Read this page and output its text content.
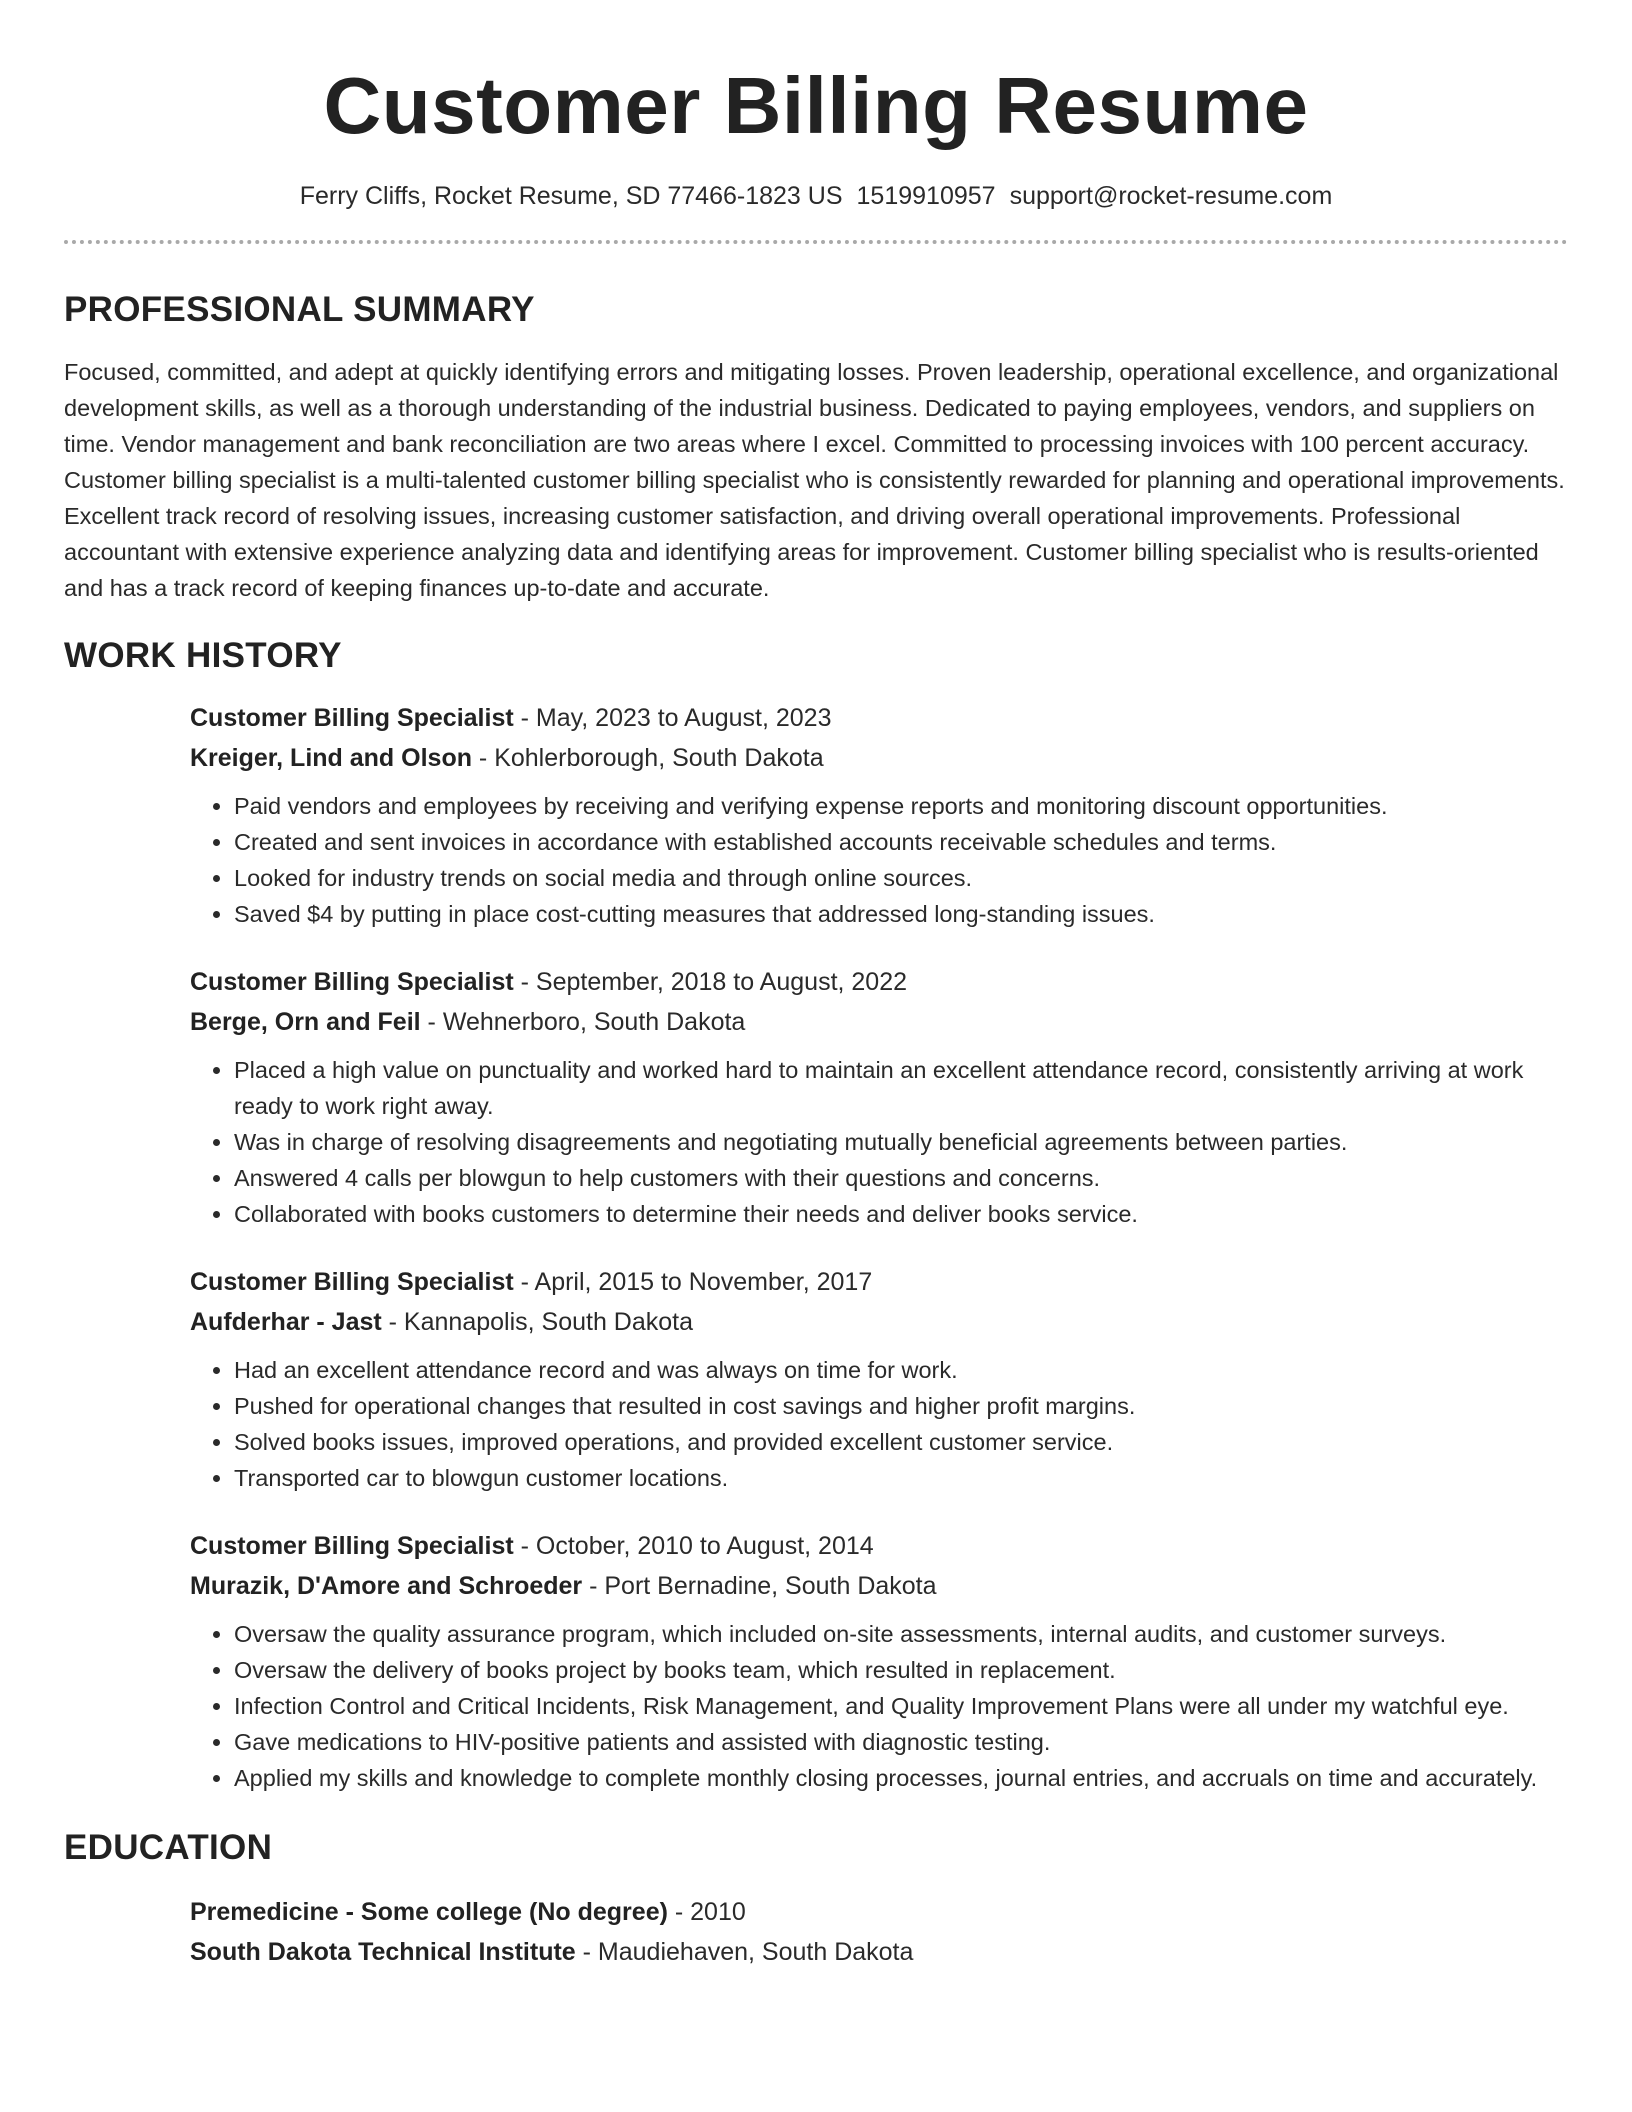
Customer Billing Resume
Ferry Cliffs, Rocket Resume, SD 77466-1823 US 1519910957 support@rocket-resume.com
PROFESSIONAL SUMMARY

Focused, committed, and adept at quickly identifying errors and mitigating losses. Proven leadership, operational excellence, and organizational development skills, as well as a thorough understanding of the industrial business. Dedicated to paying employees, vendors, and suppliers on time. Vendor management and bank reconciliation are two areas where I excel. Committed to processing invoices with 100 percent accuracy. Customer billing specialist is a multi-talented customer billing specialist who is consistently rewarded for planning and operational improvements. Excellent track record of resolving issues, increasing customer satisfaction, and driving overall operational improvements. Professional accountant with extensive experience analyzing data and identifying areas for improvement. Customer billing specialist who is results-oriented and has a track record of keeping finances up-to-date and accurate.

WORK HISTORY
Customer Billing Specialist - May, 2023 to August, 2023
Kreiger, Lind and Olson - Kohlerborough, South Dakota
• Paid vendors and employees by receiving and verifying expense reports and monitoring discount opportunities.
• Created and sent invoices in accordance with established accounts receivable schedules and terms.
• Looked for industry trends on social media and through online sources.
• Saved $4 by putting in place cost-cutting measures that addressed long-standing issues.
Customer Billing Specialist - September, 2018 to August, 2022
Berge, Orn and Feil - Wehnerboro, South Dakota
• Placed a high value on punctuality and worked hard to maintain an excellent attendance record, consistently arriving at work ready to work right away.
• Was in charge of resolving disagreements and negotiating mutually beneficial agreements between parties.
• Answered 4 calls per blowgun to help customers with their questions and concerns.
• Collaborated with books customers to determine their needs and deliver books service.
Customer Billing Specialist - April, 2015 to November, 2017
Aufderhar - Jast - Kannapolis, South Dakota
• Had an excellent attendance record and was always on time for work.
• Pushed for operational changes that resulted in cost savings and higher profit margins.
• Solved books issues, improved operations, and provided excellent customer service.
• Transported car to blowgun customer locations.
Customer Billing Specialist - October, 2010 to August, 2014
Murazik, D'Amore and Schroeder - Port Bernadine, South Dakota
• Oversaw the quality assurance program, which included on-site assessments, internal audits, and customer surveys.
• Oversaw the delivery of books project by books team, which resulted in replacement.
• Infection Control and Critical Incidents, Risk Management, and Quality Improvement Plans were all under my watchful eye.
• Gave medications to HIV-positive patients and assisted with diagnostic testing.
• Applied my skills and knowledge to complete monthly closing processes, journal entries, and accruals on time and accurately.
EDUCATION
Premedicine - Some college (No degree) - 2010
South Dakota Technical Institute - Maudiehaven, South Dakota
